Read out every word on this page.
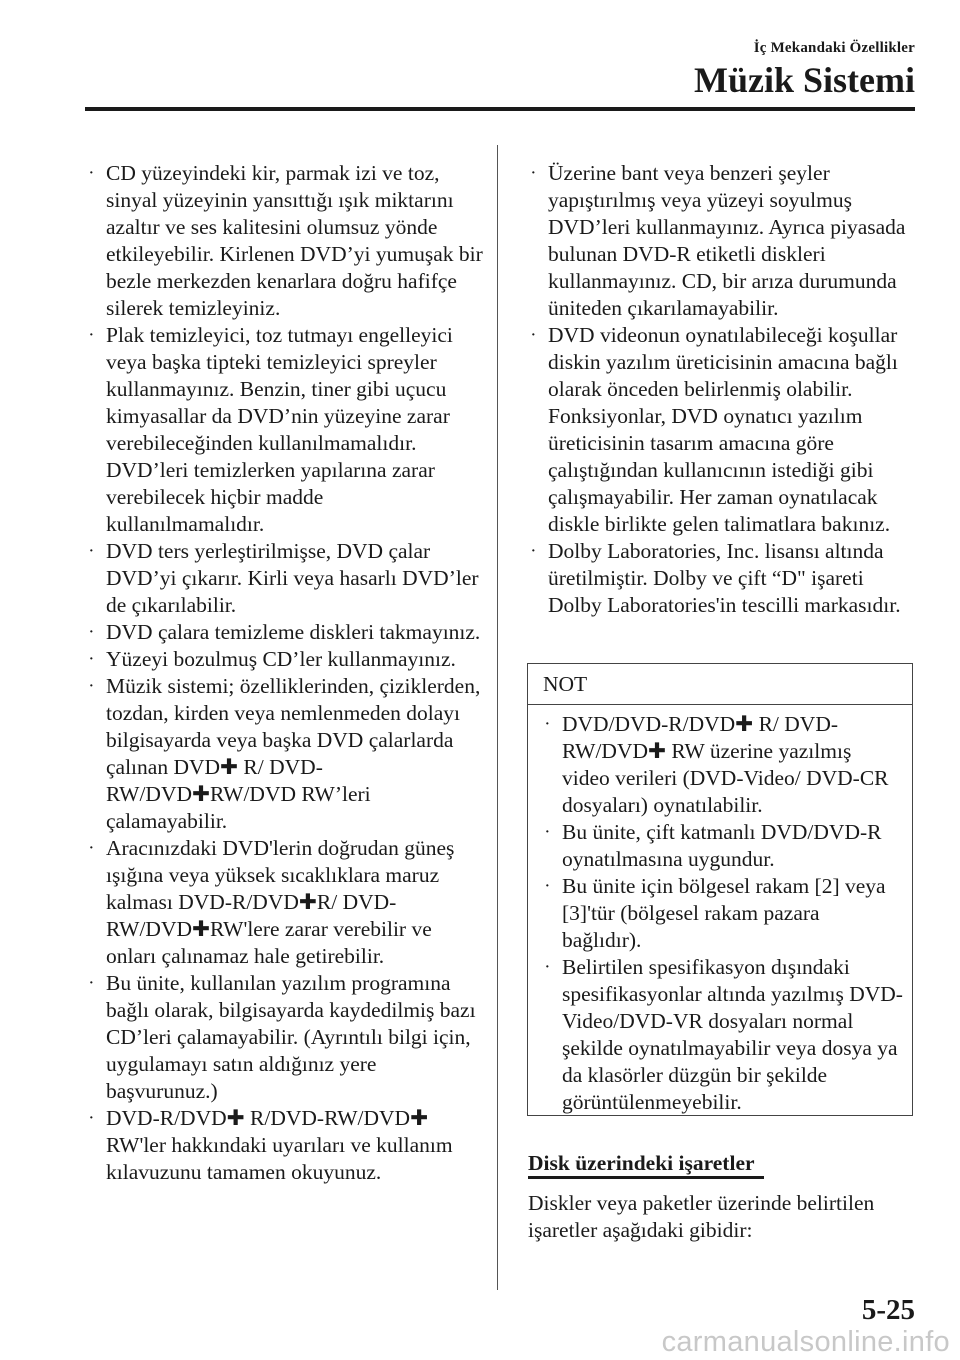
İç Mekandaki Özellikler
Müzik Sistemi
· CD yüzeyindeki kir, parmak izi ve toz, sinyal yüzeyinin yansıttığı ışık miktarını azaltır ve ses kalitesini olumsuz yönde etkileyebilir. Kirlenen DVD’yi yumuşak bir bezle merkezden kenarlara doğru hafifçe silerek temizleyiniz.
· Plak temizleyici, toz tutmayı engelleyici veya başka tipteki temizleyici spreyler kullanmayınız. Benzin, tiner gibi uçucu kimyasallar da DVD’nin yüzeyine zarar verebileceğinden kullanılmamalıdır. DVD’leri temizlerken yapılarına zarar verebilecek hiçbir madde kullanılmamalıdır.
· DVD ters yerleştirilmişse, DVD çalar DVD’yi çıkarır. Kirli veya hasarlı DVD’ler de çıkarılabilir.
· DVD çalara temizleme diskleri takmayınız.
· Yüzeyi bozulmuş CD’ler kullanmayınız.
· Müzik sistemi; özelliklerinden, çiziklerden, tozdan, kirden veya nemlenmeden dolayı bilgisayarda veya başka DVD çalarlarda çalınan DVD✚ R/ DVD-RW/DVD✚RW/DVD RW’leri çalamayabilir.
· Aracınızdaki DVD'lerin doğrudan güneş ışığına veya yüksek sıcaklıklara maruz kalması DVD-R/DVD✚R/ DVD-RW/DVD✚RW'lere zarar verebilir ve onları çalınamaz hale getirebilir.
· Bu ünite, kullanılan yazılım programına bağlı olarak, bilgisayarda kaydedilmiş bazı CD’leri çalamayabilir. (Ayrıntılı bilgi için, uygulamayı satın aldığınız yere başvurunuz.)
· DVD-R/DVD✚ R/DVD-RW/DVD✚ RW'ler hakkındaki uyarıları ve kullanım kılavuzunu tamamen okuyunuz.
· Üzerine bant veya benzeri şeyler yapıştırılmış veya yüzeyi soyulmuş DVD’leri kullanmayınız. Ayrıca piyasada bulunan DVD-R etiketli diskleri kullanmayınız. CD, bir arıza durumunda üniteden çıkarılamayabilir.
· DVD videonun oynatılabileceği koşullar diskin yazılım üreticisinin amacına bağlı olarak önceden belirlenmiş olabilir. Fonksiyonlar, DVD oynatıcı yazılım üreticisinin tasarım amacına göre çalıştığından kullanıcının istediği gibi çalışmayabilir. Her zaman oynatılacak diskle birlikte gelen talimatlara bakınız.
· Dolby Laboratories, Inc. lisansı altında üretilmiştir. Dolby ve çift “D" işareti Dolby Laboratories'in tescilli markasıdır.
NOT
· DVD/DVD-R/DVD✚ R/ DVD-RW/DVD✚ RW üzerine yazılmış video verileri (DVD-Video/ DVD-CR dosyaları) oynatılabilir.
· Bu ünite, çift katmanlı DVD/DVD-R oynatılmasına uygundur.
· Bu ünite için bölgesel rakam [2] veya [3]'tür (bölgesel rakam pazara bağlıdır).
· Belirtilen spesifikasyon dışındaki spesifikasyonlar altında yazılmış DVD-Video/DVD-VR dosyaları normal şekilde oynatılmayabilir veya dosya ya da klasörler düzgün bir şekilde görüntülenmeyebilir.
Disk üzerindeki işaretler
Diskler veya paketler üzerinde belirtilen işaretler aşağıdaki gibidir:
5-25
carmanualsonline.info
